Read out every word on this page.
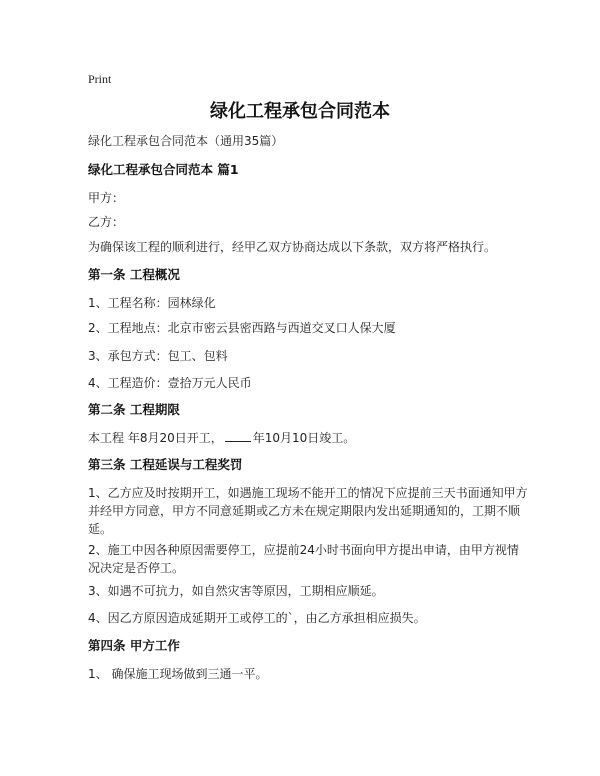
Print
绿化工程承包合同范本
绿化工程承包合同范本（通用35篇）
绿化工程承包合同范本 篇1
甲方：
乙方：
为确保该工程的顺利进行，经甲乙双方协商达成以下条款，双方将严格执行。
第一条 工程概况
1、工程名称：园林绿化
2、工程地点：北京市密云县密西路与西道交叉口人保大厦
3、承包方式：包工、包料
4、工程造价：壹拾万元人民币
第二条 工程期限
本工程 年8月20日开工，	年10月10日竣工。
第三条 工程延误与工程奖罚
1、乙方应及时按期开工，如遇施工现场不能开工的情况下应提前三天书面通知甲方并经甲方同意，甲方不同意延期或乙方未在规定期限内发出延期通知的，工期不顺延。
2、施工中因各种原因需要停工，应提前24小时书面向甲方提出申请，由甲方视情况决定是否停工。
3、如遇不可抗力，如自然灾害等原因，工期相应顺延。
4、因乙方原因造成延期开工或停工的`，由乙方承担相应损失。
第四条 甲方工作
1、 确保施工现场做到三通一平。
